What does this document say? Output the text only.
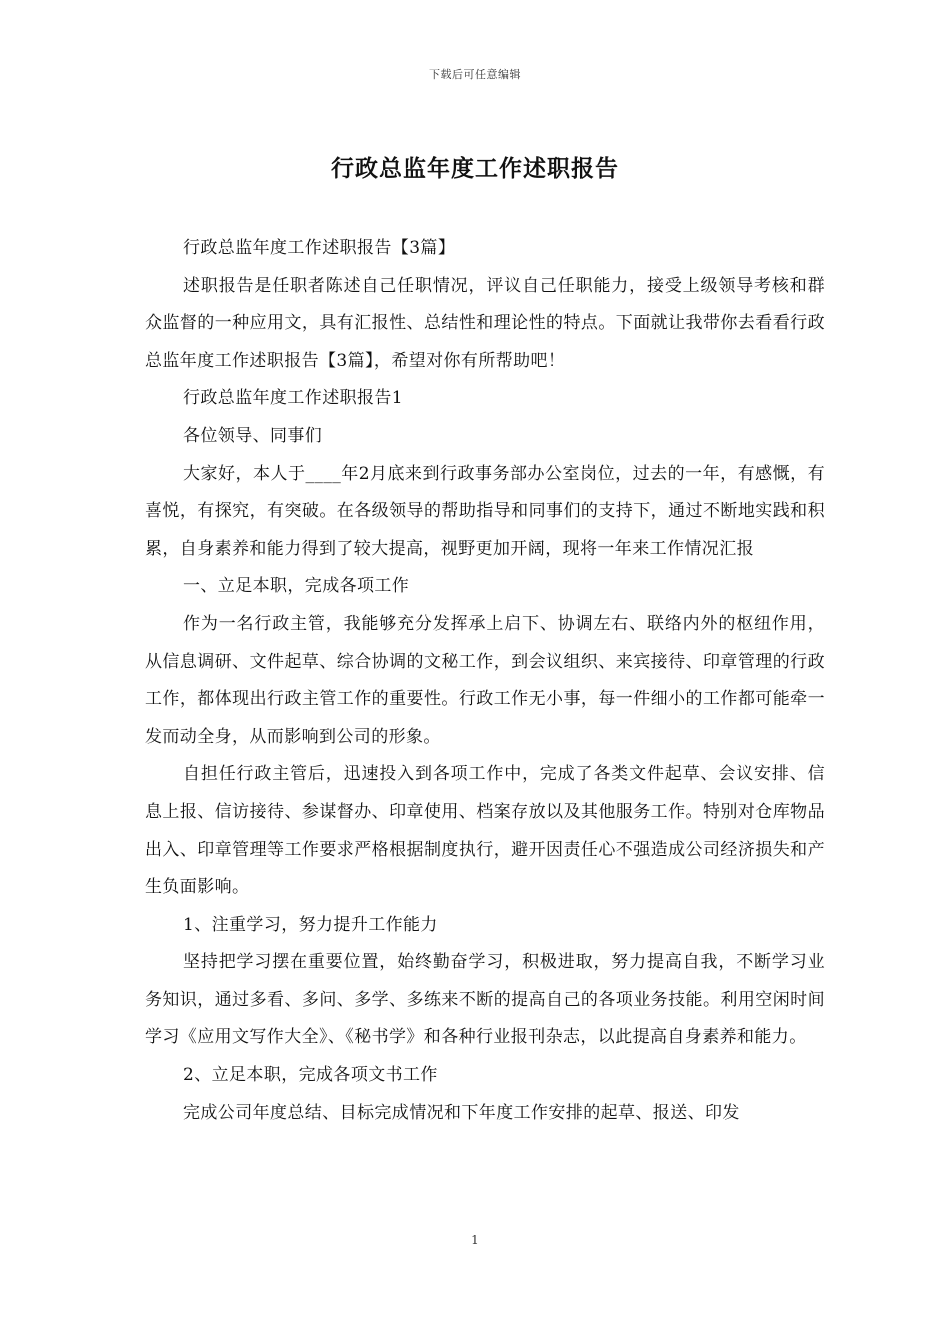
下载后可任意编辑
行政总监年度工作述职报告

行政总监年度工作述职报告【3篇】

述职报告是任职者陈述自己任职情况，评议自己任职能力，接受上级领导考核和群众监督的一种应用文，具有汇报性、总结性和理论性的特点。下面就让我带你去看看行政总监年度工作述职报告【3篇】，希望对你有所帮助吧！

行政总监年度工作述职报告1

各位领导、同事们

大家好，本人于____年2月底来到行政事务部办公室岗位，过去的一年，有感慨，有喜悦，有探究，有突破。在各级领导的帮助指导和同事们的支持下，通过不断地实践和积累，自身素养和能力得到了较大提高，视野更加开阔，现将一年来工作情况汇报

一、立足本职，完成各项工作

作为一名行政主管，我能够充分发挥承上启下、协调左右、联络内外的枢纽作用，从信息调研、文件起草、综合协调的文秘工作，到会议组织、来宾接待、印章管理的行政工作，都体现出行政主管工作的重要性。行政工作无小事，每一件细小的工作都可能牵一发而动全身，从而影响到公司的形象。

自担任行政主管后，迅速投入到各项工作中，完成了各类文件起草、会议安排、信息上报、信访接待、参谋督办、印章使用、档案存放以及其他服务工作。特别对仓库物品出入、印章管理等工作要求严格根据制度执行，避开因责任心不强造成公司经济损失和产生负面影响。

1、注重学习，努力提升工作能力

坚持把学习摆在重要位置，始终勤奋学习，积极进取，努力提高自我，不断学习业务知识，通过多看、多问、多学、多练来不断的提高自己的各项业务技能。利用空闲时间学习《应用文写作大全》、《秘书学》和各种行业报刊杂志，以此提高自身素养和能力。

2、立足本职，完成各项文书工作

完成公司年度总结、目标完成情况和下年度工作安排的起草、报送、印发

1
